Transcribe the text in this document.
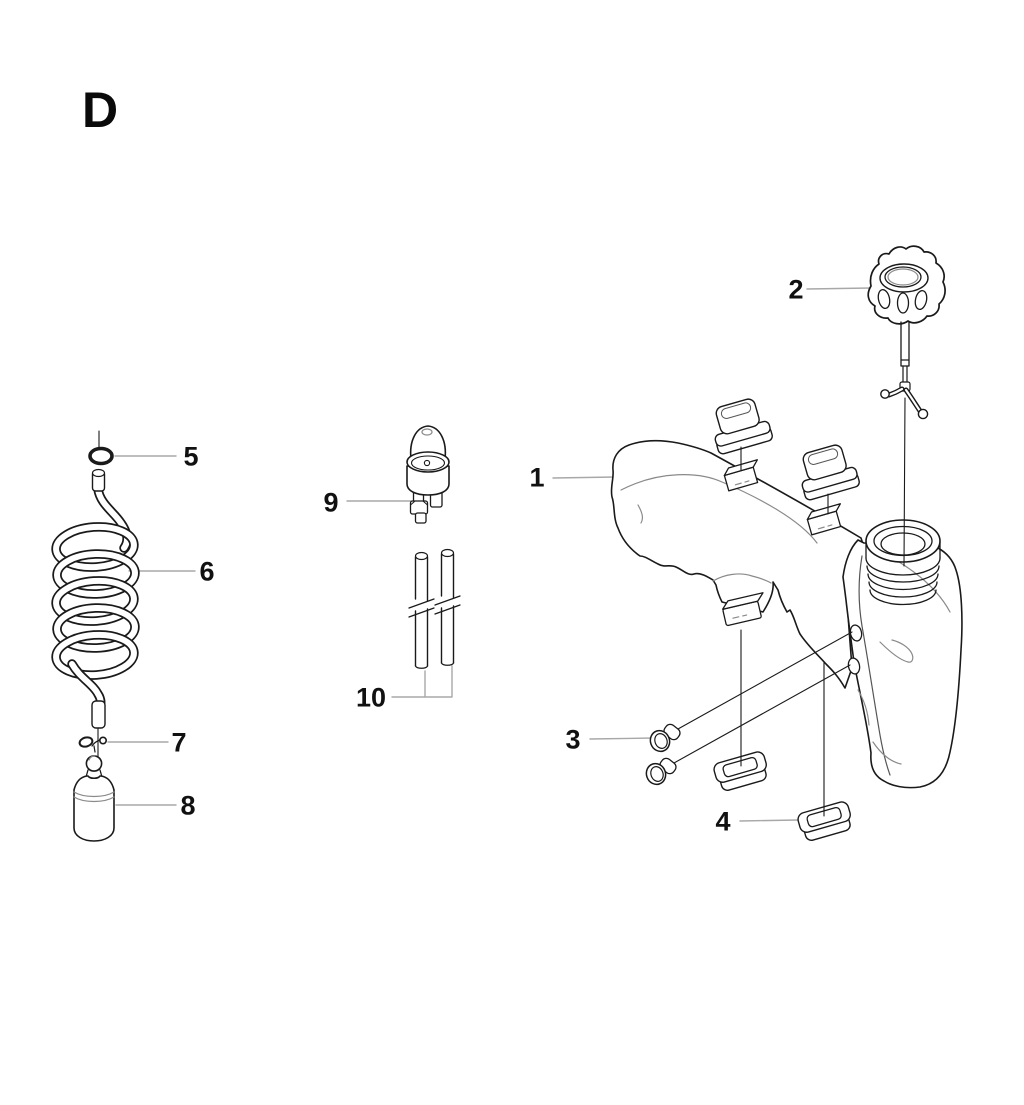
D
1
2
3
4
5
6
7
8
9
10
